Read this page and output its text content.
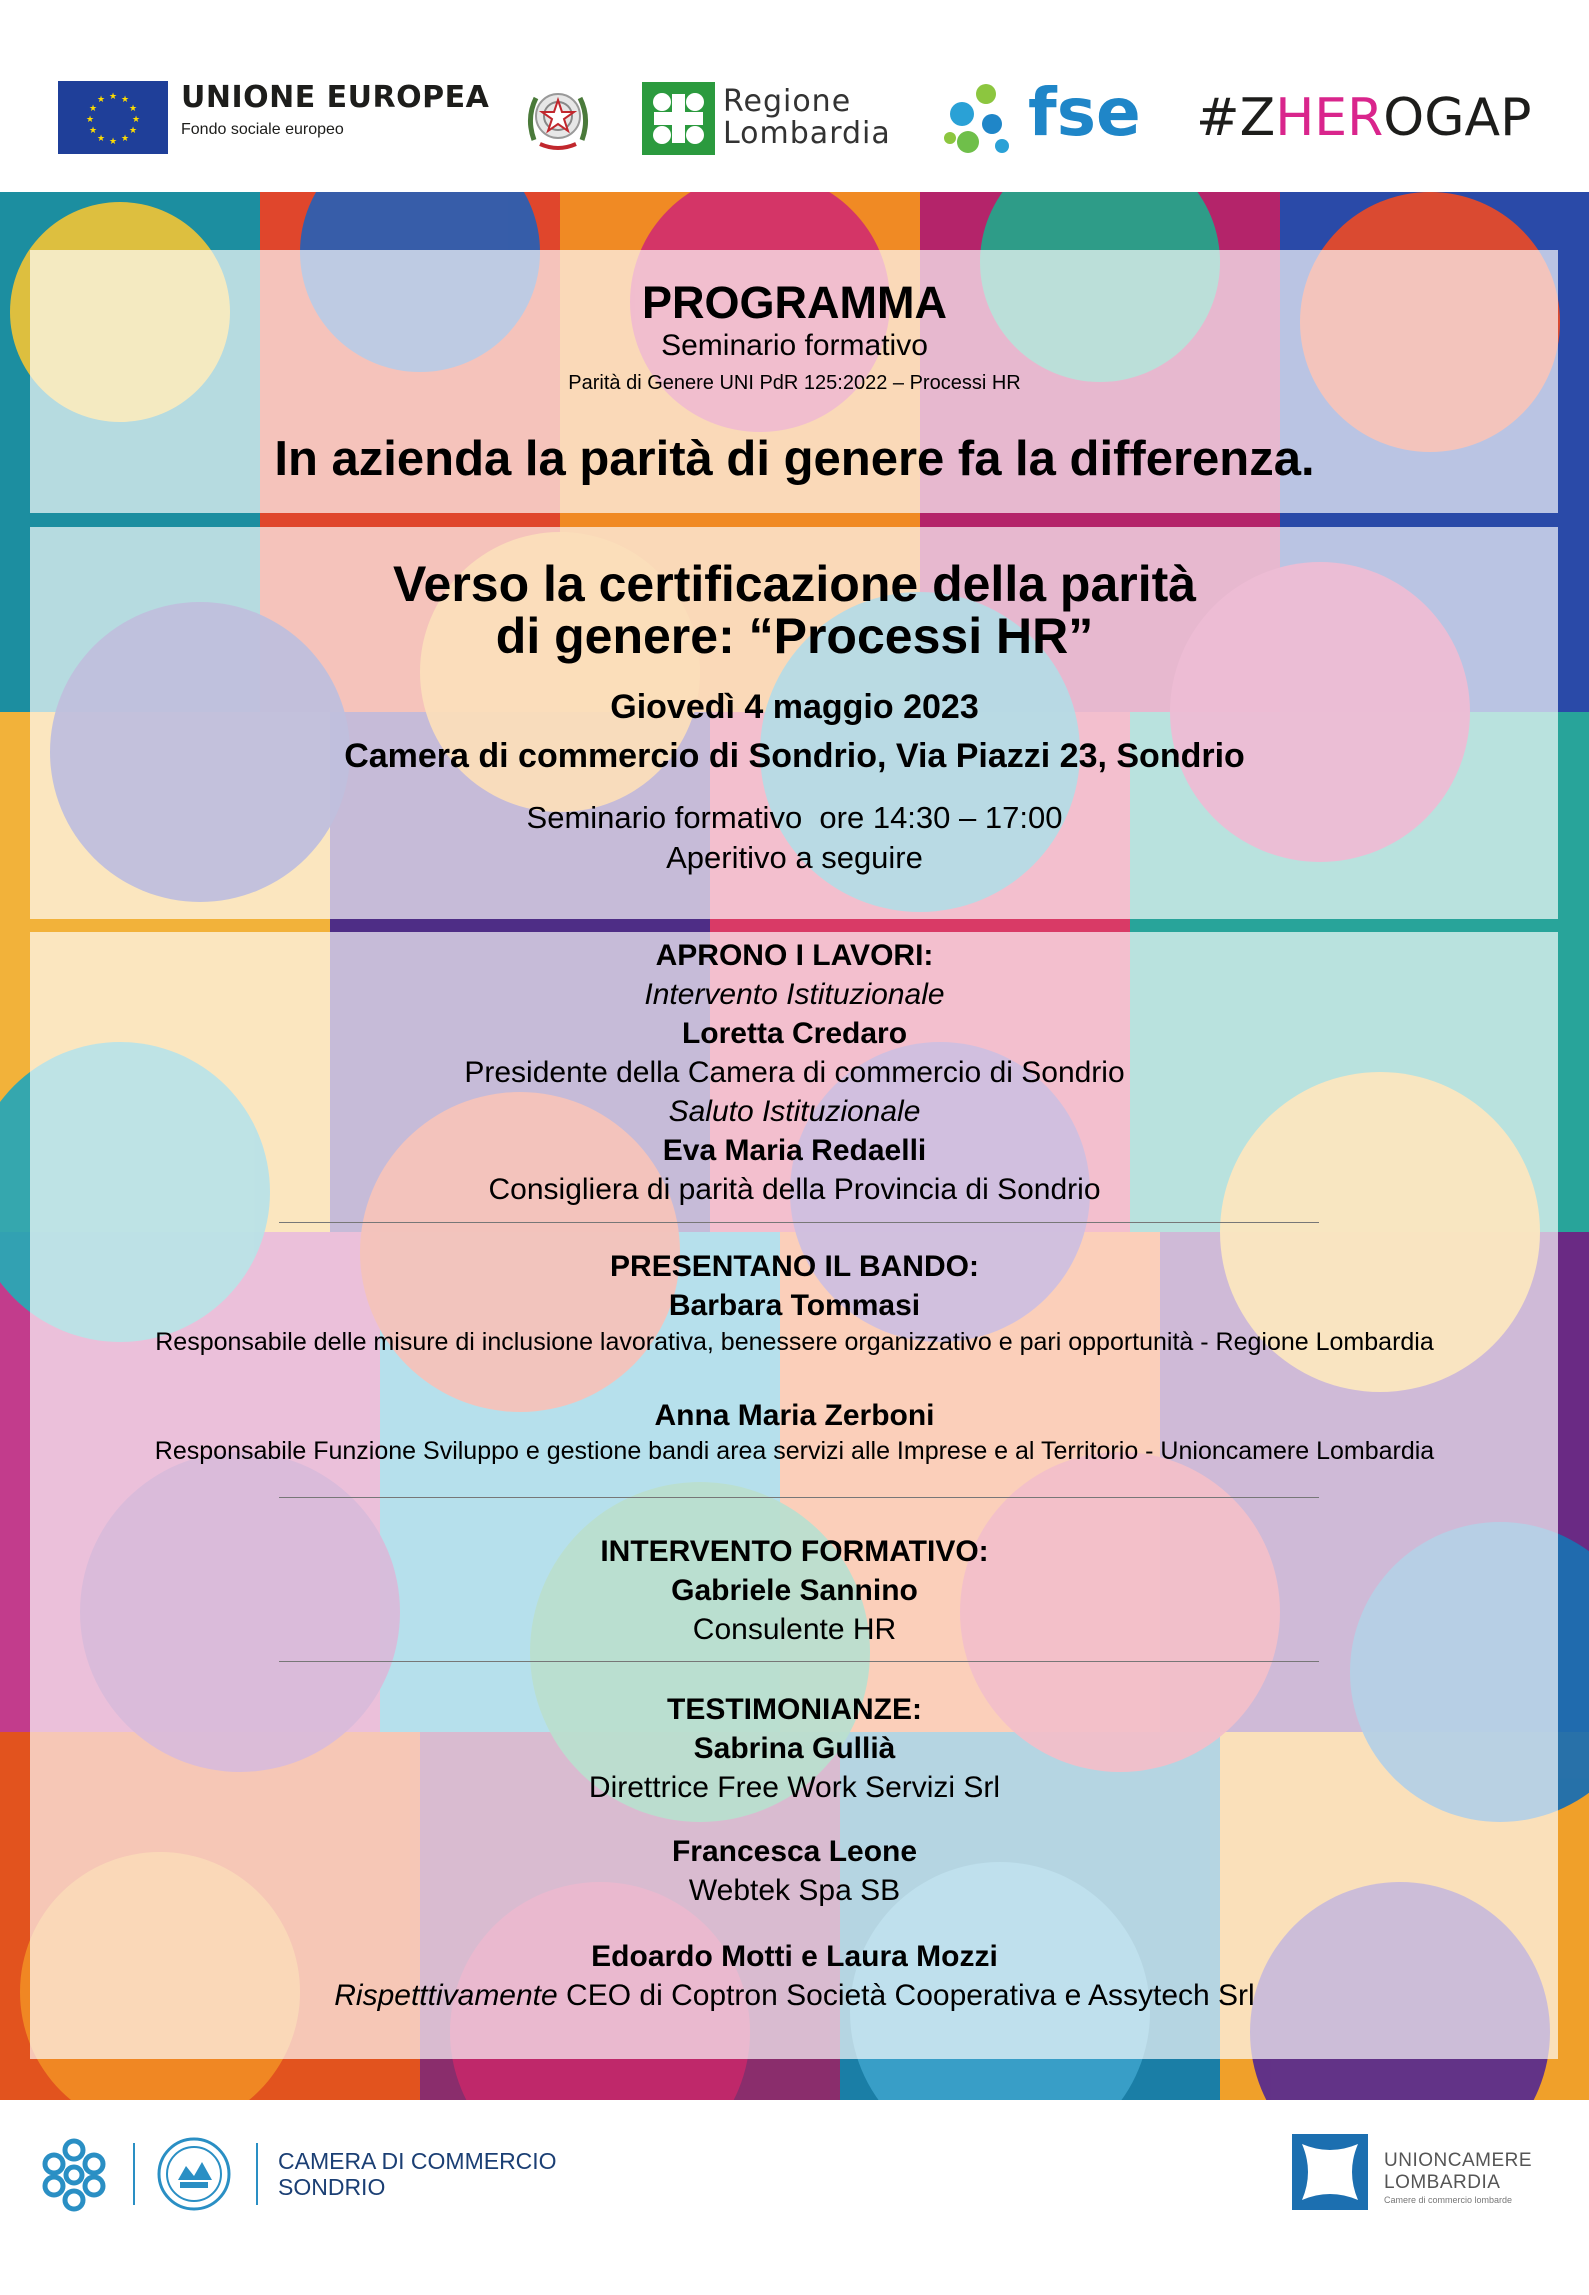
★ ★
★
★
★
★
★
★
★
★
★
★	UNIONE EUROPEA
Fondo sociale europeo
Regione
Lombardia fse #ZHEROGAP
PROGRAMMA
Seminario formativo
Parità di Genere UNI PdR 125:2022 – Processi HR
In azienda la parità di genere fa la differenza.
Verso la certificazione della parità
di genere: “Processi HR”
Giovedì 4 maggio 2023
Camera di commercio di Sondrio, Via Piazzi 23, Sondrio
Seminario formativo  ore 14:30 – 17:00
Aperitivo a seguire
APRONO I LAVORI:
Intervento Istituzionale
Loretta Credaro
Presidente della Camera di commercio di Sondrio
Saluto Istituzionale
Eva Maria Redaelli
Consigliera di parità della Provincia di Sondrio
PRESENTANO IL BANDO:
Barbara Tommasi
Responsabile delle misure di inclusione lavorativa, benessere organizzativo e pari opportunità - Regione Lombardia
Anna Maria Zerboni
Responsabile Funzione Sviluppo e gestione bandi area servizi alle Imprese e al Territorio - Unioncamere Lombardia
INTERVENTO FORMATIVO:
Gabriele Sannino
Consulente HR
TESTIMONIANZE:
Sabrina Gullià
Direttrice Free Work Servizi Srl
Francesca Leone
Webtek Spa SB
Edoardo Motti e Laura Mozzi
Rispetttivamente CEO di Coptron Società Cooperativa e Assytech Srl
CAMERA DI COMMERCIO
SONDRIO
UNIONCAMERE
LOMBARDIA
Camere di commercio lombarde
